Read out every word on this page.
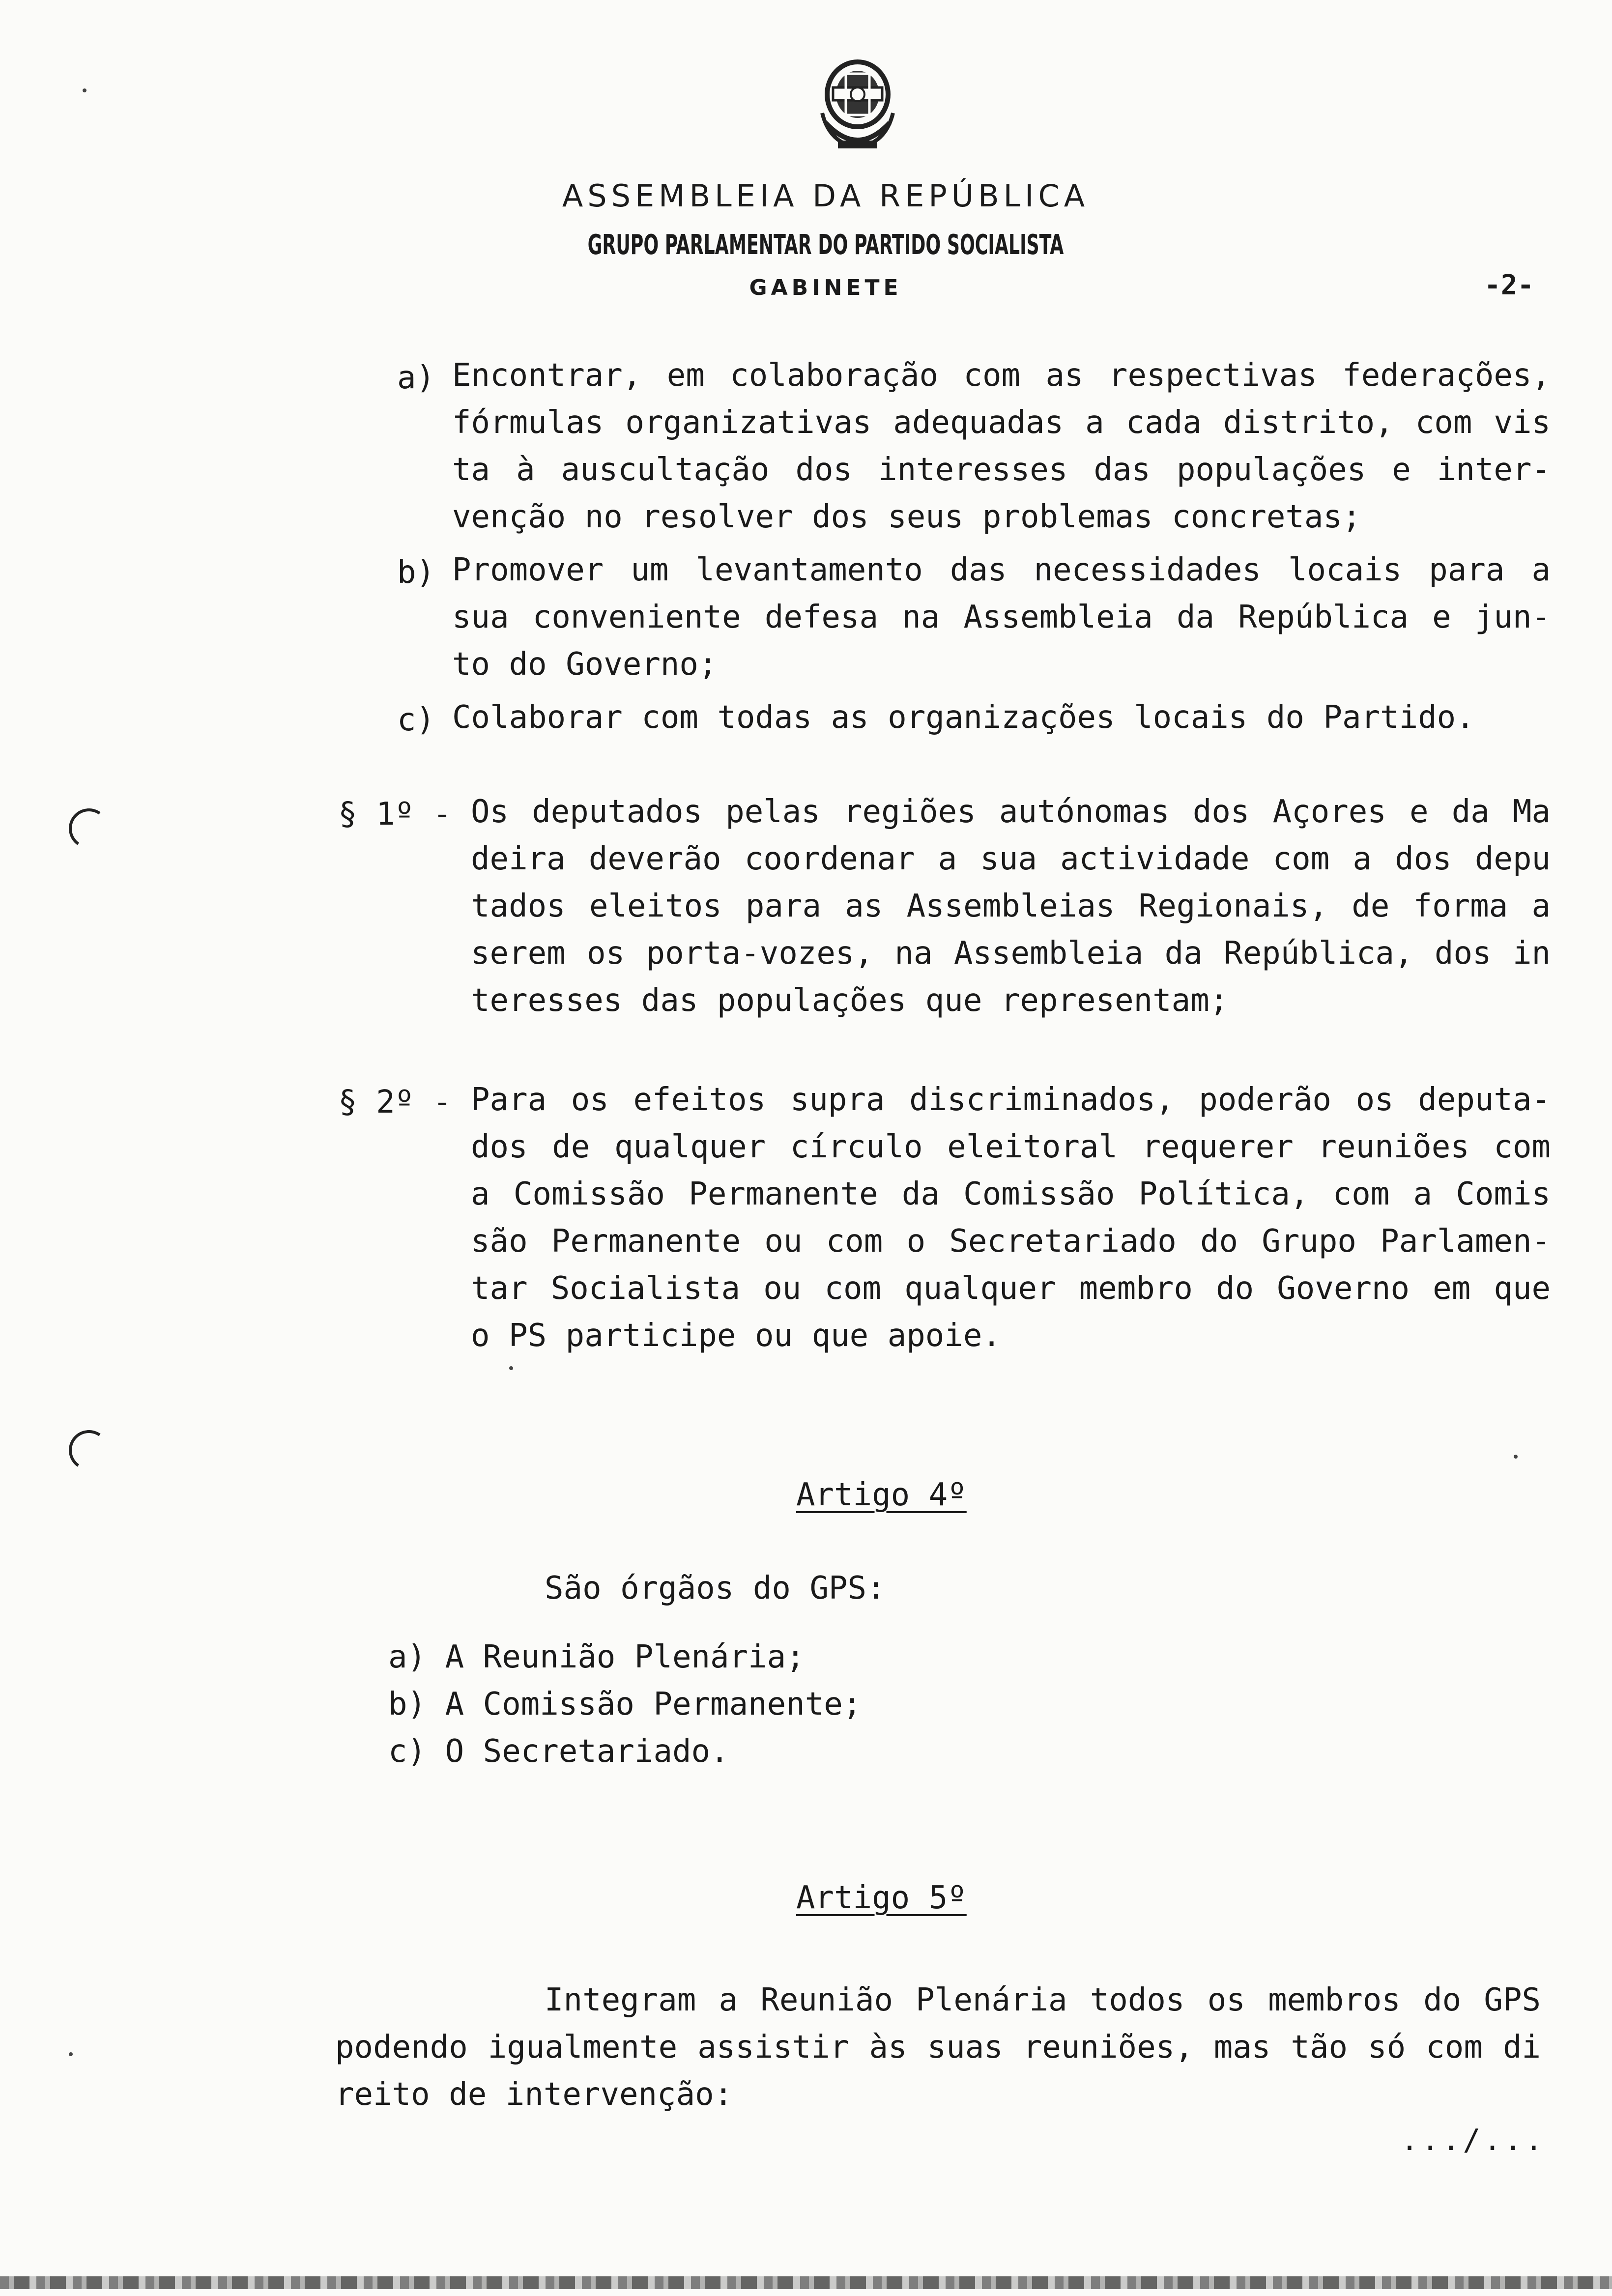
ASSEMBLEIA DA REPÚBLICA
GRUPO PARLAMENTAR DO PARTIDO SOCIALISTA
GABINETE	-2-
a) Encontrar, em colaboração com as respectivas federações,
fórmulas organizativas adequadas a cada distrito, com vis
ta à auscultação dos interesses das populações e inter-
venção no resolver dos seus problemas concretas;
b) Promover um levantamento das necessidades locais para a
sua conveniente defesa na Assembleia da República e jun-
to do Governo;
c) Colaborar com todas as organizações locais do Partido.
§ 1º - Os deputados pelas regiões autónomas dos Açores e da Ma
deira deverão coordenar a sua actividade com a dos depu
tados eleitos para as Assembleias Regionais, de forma a
serem os porta-vozes, na Assembleia da República, dos in
teresses das populações que representam;
§ 2º - Para os efeitos supra discriminados, poderão os deputa-
dos de qualquer círculo eleitoral requerer reuniões com
a Comissão Permanente da Comissão Política, com a Comis
são Permanente ou com o Secretariado do Grupo Parlamen-
tar Socialista ou com qualquer membro do Governo em que
o PS participe ou que apoie.
Artigo 4º
São órgãos do GPS:
a) A Reunião Plenária;
b) A Comissão Permanente;
c) O Secretariado.
Artigo 5º
Integram a Reunião Plenária todos os membros do GPS
podendo igualmente assistir às suas reuniões, mas tão só com di
reito de intervenção:
.../...
